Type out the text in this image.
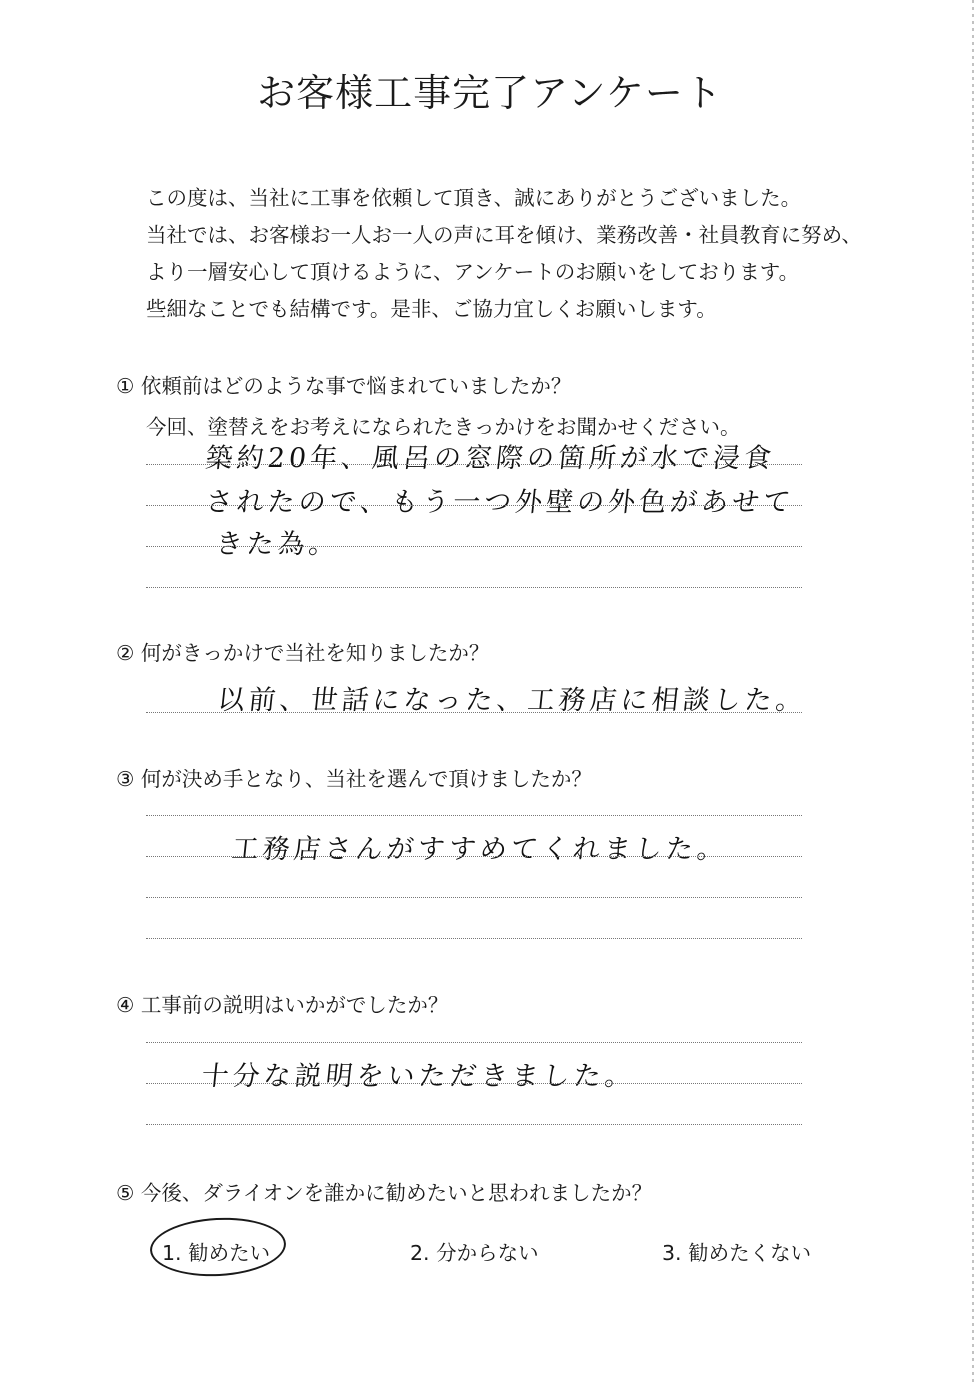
お客様工事完了アンケート
この度は、当社に工事を依頼して頂き、誠にありがとうございました。
当社では、お客様お一人お一人の声に耳を傾け、業務改善・社員教育に努め、
より一層安心して頂けるように、アンケートのお願いをしております。
些細なことでも結構です。是非、ご協力宜しくお願いします。
① 依頼前はどのような事で悩まれていましたか？
今回、塗替えをお考えになられたきっかけをお聞かせください。
築約20年、風呂の窓際の箇所が水で浸食
されたので、もう一つ外壁の外色があせて
きた為。
② 何がきっかけで当社を知りましたか？
以前、世話になった、工務店に相談した。
③ 何が決め手となり、当社を選んで頂けましたか？
工務店さんがすすめてくれました。
④ 工事前の説明はいかがでしたか？
十分な説明をいただきました。
⑤ 今後、ダライオンを誰かに勧めたいと思われましたか？
1. 勧めたい	2. 分からない	3. 勧めたくない
